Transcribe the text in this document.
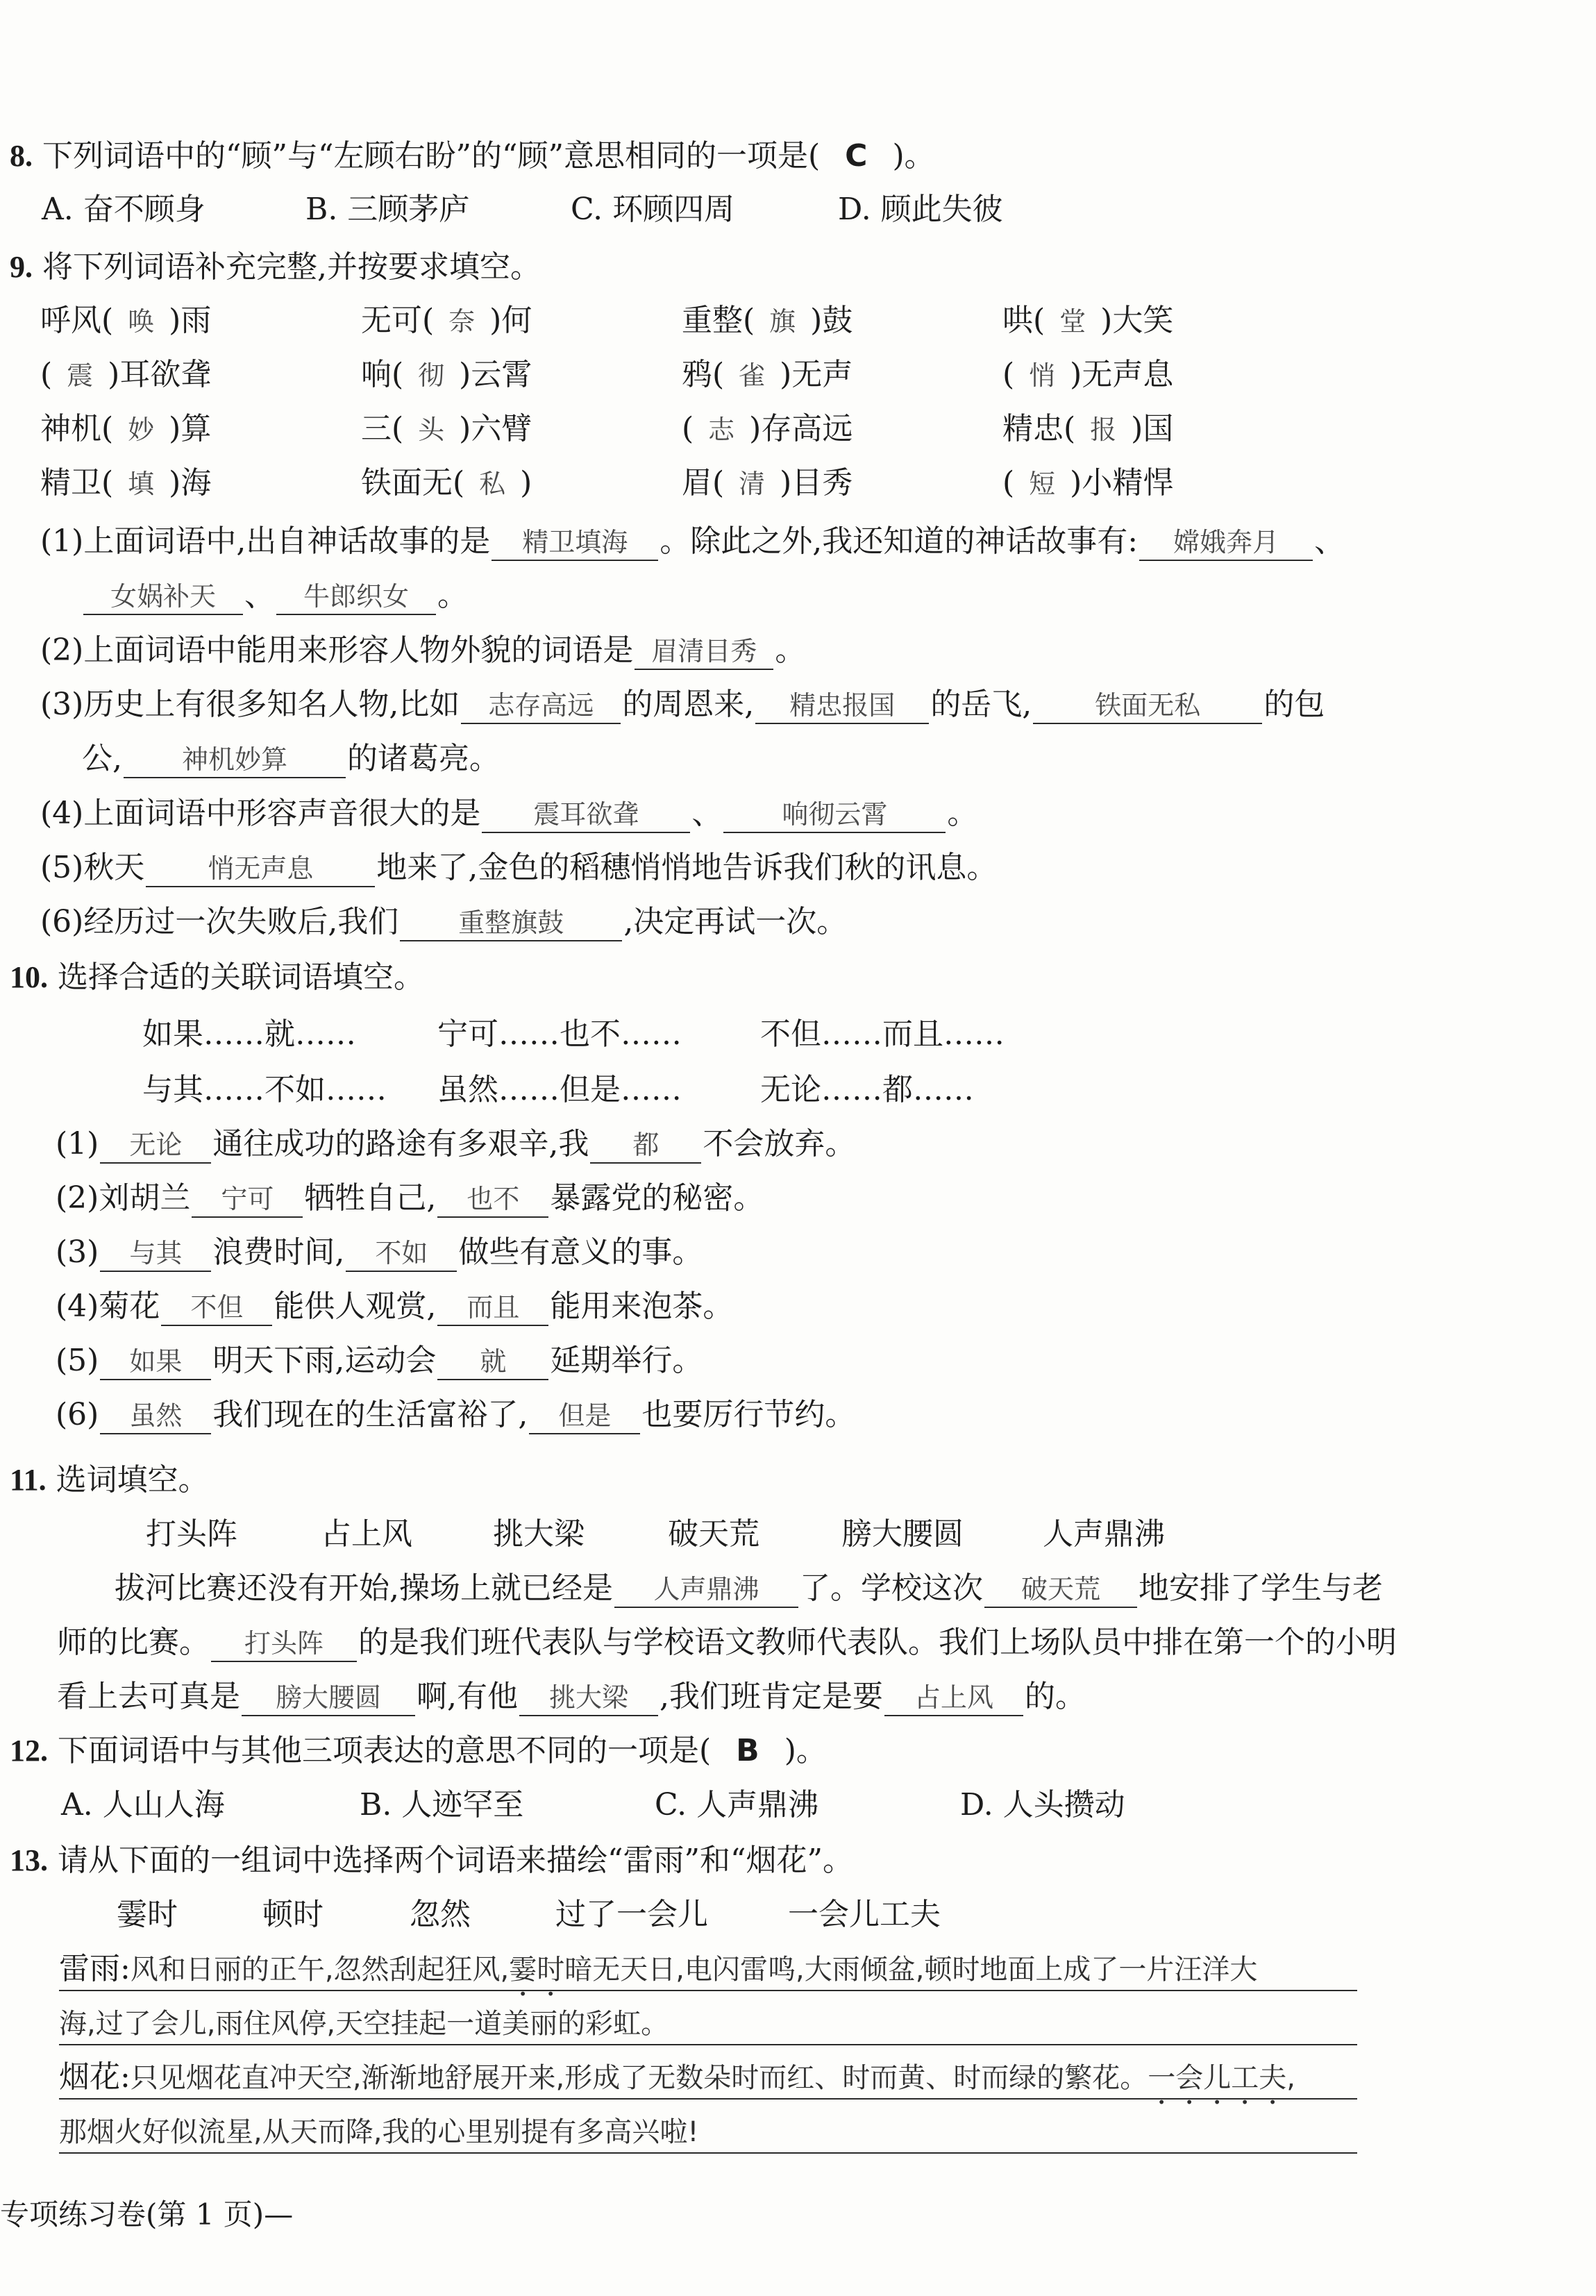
8. 下列词语中的“顾”与“左顾右盼”的“顾”意思相同的一项是( C )。
A. 奋不顾身	B. 三顾茅庐	C. 环顾四周	D. 顾此失彼
9. 将下列词语补充完整,并按要求填空。
呼风( 唤 )雨	无可( 奈 )何	重整( 旗 )鼓	哄( 堂 )大笑
( 震 )耳欲聋	响( 彻 )云霄	鸦( 雀 )无声	( 悄 )无声息
神机( 妙 )算	三( 头 )六臂	( 志 )存高远	精忠( 报 )国
精卫( 填 )海	铁面无( 私 )	眉( 清 )目秀	( 短 )小精悍
(1)上面词语中,出自神话故事的是 精卫填海 。除此之外,我还知道的神话故事有: 嫦娥奔月 、
女娲补天 、 牛郎织女 。
(2)上面词语中能用来形容人物外貌的词语是 眉清目秀 。
(3)历史上有很多知名人物,比如 志存高远 的周恩来, 精忠报国 的岳飞, 铁面无私 的包
公, 神机妙算 的诸葛亮。
(4)上面词语中形容声音很大的是 震耳欲聋 、 响彻云霄 。
(5)秋天 悄无声息 地来了,金色的稻穗悄悄地告诉我们秋的讯息。
(6)经历过一次失败后,我们 重整旗鼓 ,决定再试一次。
10. 选择合适的关联词语填空。
如果……就……	宁可……也不……	不但……而且……
与其……不如…… 虽然……但是……	无论……都……
(1) 无论 通往成功的路途有多艰辛,我 都 不会放弃。
(2)刘胡兰 宁可 牺牲自己, 也不 暴露党的秘密。
(3) 与其 浪费时间, 不如 做些有意义的事。
(4)菊花 不但 能供人观赏, 而且 能用来泡茶。
(5) 如果 明天下雨,运动会 就 延期举行。
(6) 虽然 我们现在的生活富裕了, 但是 也要厉行节约。
11. 选词填空。
打头阵	占上风	挑大梁	破天荒	膀大腰圆	人声鼎沸
拔河比赛还没有开始,操场上就已经是 人声鼎沸 了。学校这次 破天荒 地安排了学生与老
师的比赛。 打头阵 的是我们班代表队与学校语文教师代表队。我们上场队员中排在第一个的小明
看上去可真是 膀大腰圆 啊,有他 挑大梁 ,我们班肯定是要 占上风 的。
12. 下面词语中与其他三项表达的意思不同的一项是( B )。
A. 人山人海	B. 人迹罕至	C. 人声鼎沸	D. 人头攒动
13. 请从下面的一组词中选择两个词语来描绘“雷雨”和“烟花”。
霎时	顿时	忽然	过了一会儿	一会儿工夫
雷雨:风和日丽的正午,忽然刮起狂风,霎时暗无天日,电闪雷鸣,大雨倾盆,顿时地面上成了一片汪洋大
海,过了会儿,雨住风停,天空挂起一道美丽的彩虹。
烟花:只见烟花直冲天空,渐渐地舒展开来,形成了无数朵时而红、时而黄、时而绿的繁花。一会儿工夫,
那烟火好似流星,从天而降,我的心里别提有多高兴啦!
专项练习卷(第 1 页)—
